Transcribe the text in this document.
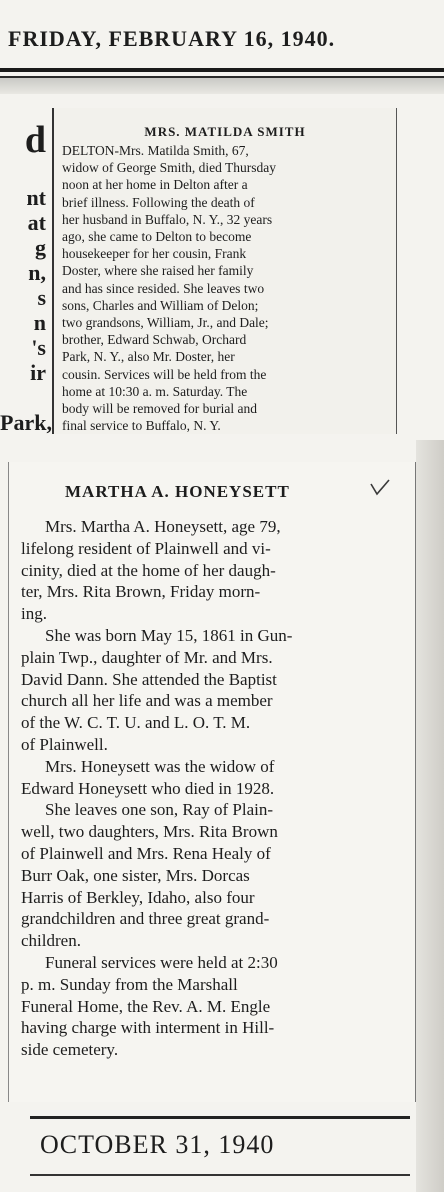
FRIDAY, FEBRUARY 16, 1940.
d

nt
at
g
n,
s
n
's
ir

Park,

MRS. MATILDA SMITH
DELTON-Mrs. Matilda Smith, 67,
widow of George Smith, died Thursday
noon at her home in Delton after a
brief illness. Following the death of
her husband in Buffalo, N. Y., 32 years
ago, she came to Delton to become
housekeeper for her cousin, Frank
Doster, where she raised her family
and has since resided. She leaves two
sons, Charles and William of Delon;
two grandsons, William, Jr., and Dale;
brother, Edward Schwab, Orchard
Park, N. Y., also Mr. Doster, her
cousin. Services will be held from the
home at 10:30 a. m. Saturday. The
body will be removed for burial and
final service to Buffalo, N. Y.
MARTHA A. HONEYSETT
Mrs. Martha A. Honeysett, age 79,
lifelong resident of Plainwell and vi-
cinity, died at the home of her daugh-
ter, Mrs. Rita Brown, Friday morn-
ing.
She was born May 15, 1861 in Gun-
plain Twp., daughter of Mr. and Mrs.
David Dann. She attended the Baptist
church all her life and was a member
of the W. C. T. U. and L. O. T. M.
of Plainwell.
Mrs. Honeysett was the widow of
Edward Honeysett who died in 1928.
She leaves one son, Ray of Plain-
well, two daughters, Mrs. Rita Brown
of Plainwell and Mrs. Rena Healy of
Burr Oak, one sister, Mrs. Dorcas
Harris of Berkley, Idaho, also four
grandchildren and three great grand-
children.
Funeral services were held at 2:30
p. m. Sunday from the Marshall
Funeral Home, the Rev. A. M. Engle
having charge with interment in Hill-
side cemetery.
OCTOBER 31, 1940
